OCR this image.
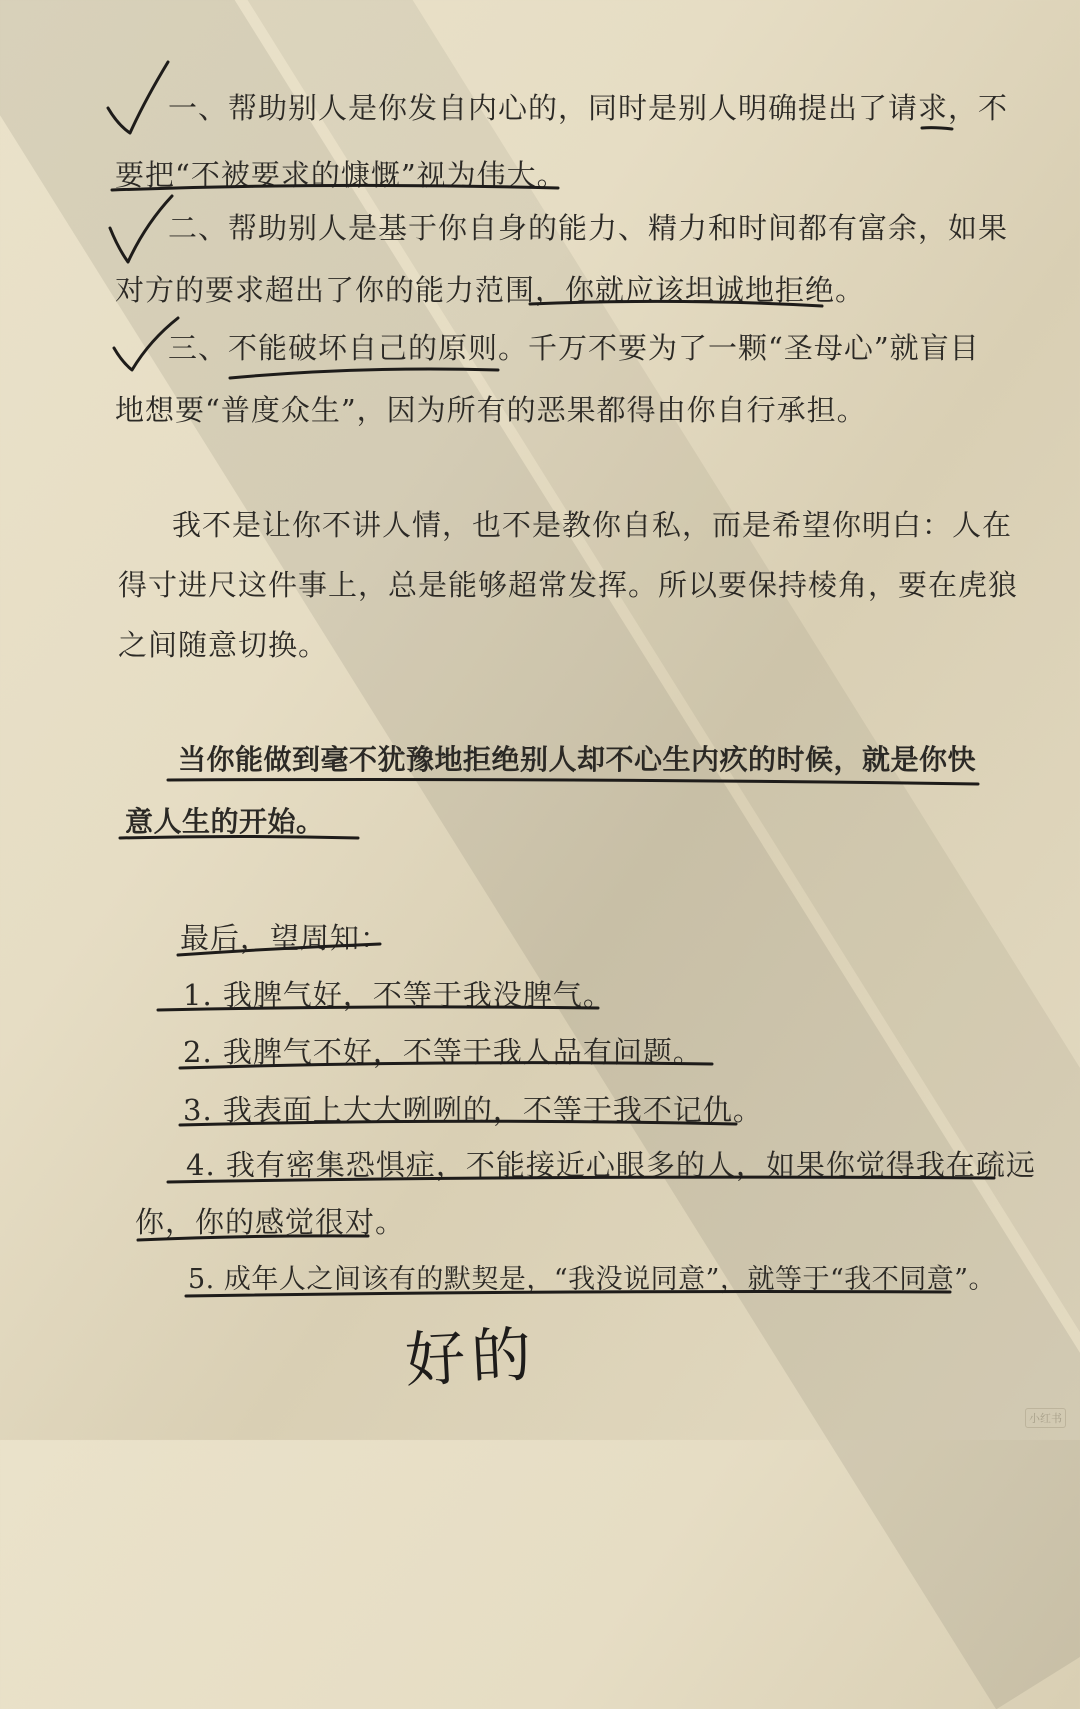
一、帮助别人是你发自内心的，同时是别人明确提出了请求，不
要把“不被要求的慷慨”视为伟大。
二、帮助别人是基于你自身的能力、精力和时间都有富余，如果
对方的要求超出了你的能力范围，你就应该坦诚地拒绝。
三、不能破坏自己的原则。千万不要为了一颗“圣母心”就盲目
地想要“普度众生”，因为所有的恶果都得由你自行承担。
我不是让你不讲人情，也不是教你自私，而是希望你明白：人在
得寸进尺这件事上，总是能够超常发挥。所以要保持棱角，要在虎狼
之间随意切换。
当你能做到毫不犹豫地拒绝别人却不心生内疚的时候，就是你快
意人生的开始。
最后，望周知：
1. 我脾气好，不等于我没脾气。
2. 我脾气不好，不等于我人品有问题。
3. 我表面上大大咧咧的，不等于我不记仇。
4. 我有密集恐惧症，不能接近心眼多的人，如果你觉得我在疏远
你，你的感觉很对。
5. 成年人之间该有的默契是，“我没说同意”，就等于“我不同意”。
好的
小红书
